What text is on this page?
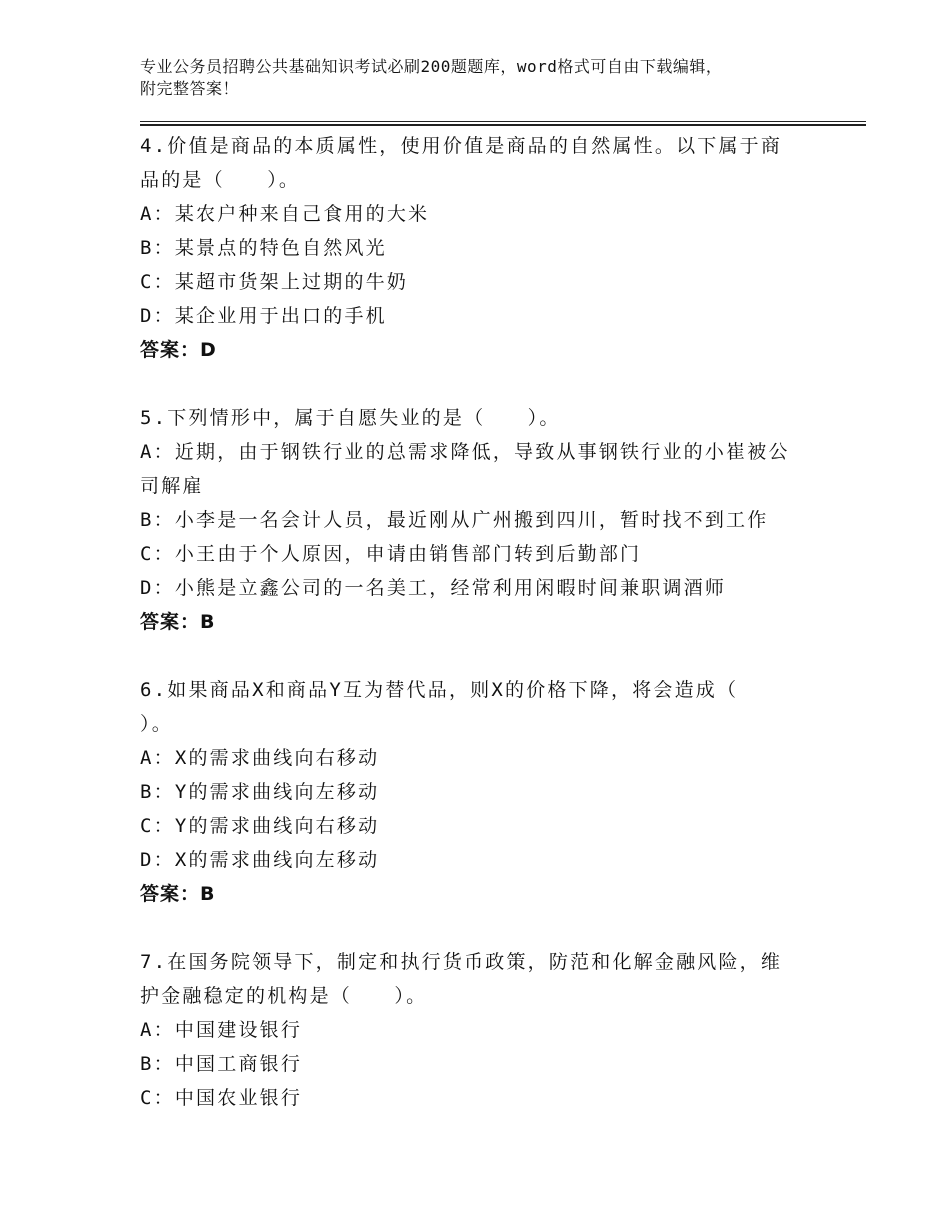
专业公务员招聘公共基础知识考试必刷200题题库，word格式可自由下载编辑，
附完整答案！
4.价值是商品的本质属性，使用价值是商品的自然属性。以下属于商
品的是（　　）。
A：某农户种来自己食用的大米
B：某景点的特色自然风光
C：某超市货架上过期的牛奶
D：某企业用于出口的手机
答案：D
5.下列情形中，属于自愿失业的是（　　）。
A：近期，由于钢铁行业的总需求降低，导致从事钢铁行业的小崔被公
司解雇
B：小李是一名会计人员，最近刚从广州搬到四川，暂时找不到工作
C：小王由于个人原因，申请由销售部门转到后勤部门
D：小熊是立鑫公司的一名美工，经常利用闲暇时间兼职调酒师
答案：B
6.如果商品X和商品Y互为替代品，则X的价格下降，将会造成（
）。
A：X的需求曲线向右移动
B：Y的需求曲线向左移动
C：Y的需求曲线向右移动
D：X的需求曲线向左移动
答案：B
7.在国务院领导下，制定和执行货币政策，防范和化解金融风险，维
护金融稳定的机构是（　　）。
A：中国建设银行
B：中国工商银行
C：中国农业银行
